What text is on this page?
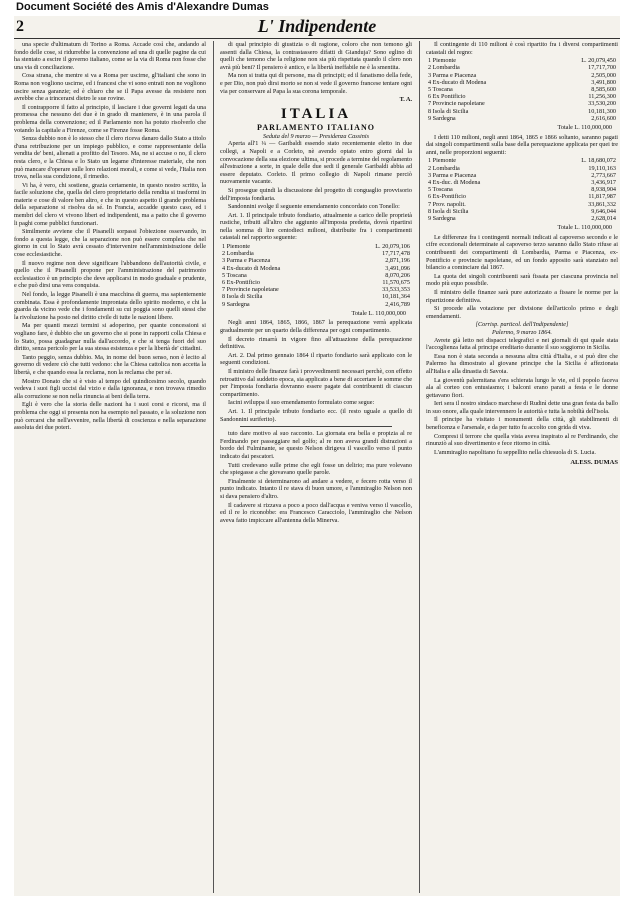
Document Société des Amis d'Alexandre Dumas
2	L' Indipendente

una specie d'ultimatum di Torino a Roma. Accade così che, andando al fondo delle cose, si ridurrebbe la convenzione ad una di quelle pagine da cui ha stentato a escire il governo italiano, come se la via di Roma non fosse che una via di conciliazione.

Cosa strana, che mentre si va a Roma per uscirne, gl'italiani che sono in Roma non vogliono uscirne, ed i francesi che vi sono entrati non ne vogliono uscire senza garanzie; ed è chiaro che se il Papa avesse da resistere non avrebbe che a trincerarsi dietro le sue rovine.

Il contrapporre il fatto al principio, il lasciare i due governi legati da una promessa che nessuno dei due è in grado di mantenere, è in una parola il problema della convenzione; ed il Parlamento non ha potuto risolverlo che votando la capitale a Firenze, come se Firenze fosse Roma.

Senza dubbio non è lo stesso che il clero riceva danaro dallo Stato a titolo d'una retribuzione per un impiego pubblico, e come rappresentante della vendita de' beni, alienati a profitto del Tesoro. Ma, ne si accuse o no, il clero resta clero, e la Chiesa e lo Stato un legame d'interesse materiale, che non può mancare d'operare sulle loro relazioni morali, e come si vede, l'Italia non trova, nella sua condizione, il rimedio.

Vi ha, è vero, chi sostiene, grazia certamente, in questo nostro scritto, la facile soluzione che, quella del clero proprietario della rendita si trasformi in materie e cose di valore ben altro, e che in questo aspetto il grande problema della separazione si risolva da sé. In Francia, accadde questo caso, ed i membri del clero vi vivono liberi ed indipendenti, ma a patto che il governo li paghi come pubblici funzionari.

Similmente avviene che il Pisanelli sorpassi l'obiezione osservando, in fondo a questa legge, che la separazione non può essere completa che nel giorno in cui lo Stato avrà cessato d'intervenire nell'amministrazione delle cose ecclesiastiche.

Il nuovo regime non deve significare l'abbandono dell'autorità civile, e quello che il Pisanelli propone per l'amministrazione del patrimonio ecclesiastico è un principio che deve applicarsi in modo graduale e prudente, e che può dirsi una vera conquista.

Nel fondo, la legge Pisanelli è una macchina di guerra, ma sapientemente combinata. Essa è profondamente improntata dello spirito moderno, e chi la guarda da vicino vede che i fondamenti su cui poggia sono quelli stessi che la rivoluzione ha posto nel diritto civile di tutte le nazioni libere.

Ma per quanti mezzi termini si adoperino, per quante concessioni si vogliano fare, è dubbio che un governo che si pone in rapporti colla Chiesa e lo Stato, possa guadagnar nulla dall'accordo, e che si tenga fuori del suo diritto, senza pericolo per la sua stessa esistenza e per la libertà de' cittadini.

Tanto peggio, senza dubbio. Ma, in nome del buon senso, non è lecito al governo di vedere ciò che tutti vedono: che la Chiesa cattolica non accetta la libertà, e che quando essa la reclama, non la reclama che per sé.

Mostro Donato che si è visto al tempo del quindicesimo secolo, quando vedeva i suoi figli uccisi dal vizio e dalla ignoranza, e non trovava rimedio alla corruzione se non nella rinuncia ai beni della terra.

Egli è vero che la storia delle nazioni ha i suoi corsi e ricorsi, ma il problema che oggi si presenta non ha esempio nel passato, e la soluzione non può cercarsi che nell'avvenire, nella libertà di coscienza e nella separazione assoluta dei due poteri.

di qual principio di giustizia o di ragione, coloro che non temono gli assenti dalla Chiesa, la contrastassero difatti di Gianduja? Sono eglino di quelli che temono che la religione non sia più rispettata quando il clero non avrà più beni? Il pensiero è antico, e la libertà ineffabile ne è la smentita.

Ma non si tratta qui di persone, ma di principii; ed il fanatismo della fede, e per Dio, non può dirsi morto se non si vede il governo francese tentare ogni via per conservare al Papa la sua corona temporale.

T. A.
ITALIA
PARLAMENTO ITALIANO
Seduta del 9 marzo — Presidenza Cassinis

Aperta all'1 ¼ — Garibaldi essendo stato recentemente eletto in due collegi, a Napoli e a Corleto, nè avendo optato entro giorni dal la convocazione della sua elezione ultima, si procede a termine del regolamento all'estrazione a sorte, in quale delle due sedi il generale Garibaldi abbia ad essere deputato. Corleto. Il primo collegio di Napoli rimane perciò nuovamente vacante.

Si prosegue quindi la discussione del progetto di conguaglio provvisorio dell'imposta fondiaria.

Sandonnini svolge il seguente emendamento concordato con Tonello:

Art. 1. Il principale tributo fondiario, attualmente a carico delle proprietà rustiche, tribuiti all'altro che aggiunto all'imposta predetta, dovrà ripartirsi nella somma di lire centodieci milioni, distribuite fra i compartimenti catastali nel rapporto seguente:

1 Piemonte	L. 20,079,106
2 Lombardia	17,717,478
3 Parma e Piacenza	2,871,196
4 Ex-ducato di Modena	3,491,096
5 Toscana	8,070,206
6 Ex-Pontificio	11,570,675
7 Provincie napoletane	33,533,353
8 Isola di Sicilia	10,181,364
9 Sardegna	2,416,789
Totale L. 110,000,000

Negli anni 1864, 1865, 1866, 1867 la perequazione verrà applicata gradualmente per un quarto della differenza per ogni compartimento.

Il decreto rimarrà in vigore fino all'attuazione della perequazione definitiva.

Art. 2. Dal primo gennaio 1864 il riparto fondiario sarà applicato con le seguenti condizioni.

Il ministro delle finanze farà i provvedimenti necessari perchè, con effetto retroattivo dal suddetto epoca, sia applicato a bene di accertare le somme che per l'imposta fondiaria dovranno essere pagate dai contribuenti di ciascun compartimento.

Iacini sviluppa il suo emendamento formulato come segue:

Art. 1. Il principale tributo fondiario ecc. (il resto uguale a quello di Sandonnini suriferito).

tuto dare motivo al suo racconto. La giornata era bella e propizia al re Ferdinando per passeggiare nel golfo; al re non aveva grandi distrazioni a bordo del Fulminante, se questo Nelson dirigeva il vascello verso il punto indicato dai pescatori.

Tutti credevano sulle prime che egli fosse un delirio; ma pure volevano che spiegasse a che giovavano quelle parole.

Finalmente si determinarono ad andare a vedere, e fecero rotta verso il punto indicato. Intanto il re stava di buon umore, e l'ammiraglio Nelson non si dava pensiero d'altro.

Il cadavere si rizzava a poco a poco dall'acqua e veniva verso il vascello, ed il re lo riconobbe: era Francesco Caracciolo, l'ammiraglio che Nelson aveva fatto impiccare all'antenna della Minerva.

Il contingente di 110 milioni è così ripartito fra i diversi compartimenti catastali del regno:

1 Piemonte	L. 20,079,450
2 Lombardia	17,717,700
3 Parma e Piacenza	2,505,000
4 Ex-ducato di Modena	3,491,800
5 Toscana	8,585,600
6 Ex Pontificio	11,256,300
7 Provincie napoletane	33,530,200
8 Isola di Sicilia	10,181,300
9 Sardegna	2,616,600
Totale L. 110,000,000

I detti 110 milioni, negli anni 1864, 1865 e 1866 soltanto, saranno pagati dai singoli compartimenti sulla base della perequazione applicata per quei tre anni, nelle proporzioni seguenti:

1 Piemonte	L. 18,680,072
2 Lombardia	19,110,163
3 Parma e Piacenza	2,773,667
4 Ex-duc. di Modena	3,436,917
5 Toscana	8,938,904
6 Ex-Pontificio	11,817,987
7 Prov. napolit.	33,861,332
8 Isola di Sicilia	9,646,044
9 Sardegna	2,628,014
Totale L. 110,000,000

Le differenze fra i contingenti normali indicati al capoverso secondo e le cifre eccezionali determinate al capoverso terzo saranno dallo Stato rifuse ai contribuenti dei compartimenti di Lombardia, Parma e Piacenza, ex-Pontificio e provincie napoletane, ed un fondo apposito sarà stanziato nel bilancio a cominciare dal 1867.

La quota dei singoli contribuenti sarà fissata per ciascuna provincia nel modo più equo possibile.

Il ministro delle finanze sarà pure autorizzato a fissare le norme per la ripartizione definitiva.

Si procede alla votazione per divisione dell'articolo primo e degli emendamenti.

[Corrisp. particol. dell'Indipendente]
Palermo, 9 marzo 1864.

Avrete già letto nei dispacci telegrafici e nei giornali di qui quale stata l'accoglienza fatta al principe ereditario durante il suo soggiorno in Sicilia.

Essa non è stata seconda a nessuna altra città d'Italia, e si può dire che Palermo ha dimostrato al giovane principe che la Sicilia è affezionata all'Italia e alla dinastia di Savoia.

La gioventù palermitana s'era schierata lungo le vie, ed il popolo faceva ala al corteo con entusiasmo; i balconi erano parati a festa e le donne gettavano fiori.

Ieri sera il nostro sindaco marchese di Rudinì dette una gran festa da ballo in suo onore, alla quale intervennero le autorità e tutta la nobiltà dell'isola.

Il principe ha visitato i monumenti della città, gli stabilimenti di beneficenza e l'arsenale, e da per tutto fu accolto con grida di viva.

Compresi il terrore che quella vista aveva inspirato al re Ferdinando, che rinunziò al suo divertimento e fece ritorno in città.

L'ammiraglio napolitano fu seppellito nella chiesuola di S. Lucia.

ALESS. DUMAS
